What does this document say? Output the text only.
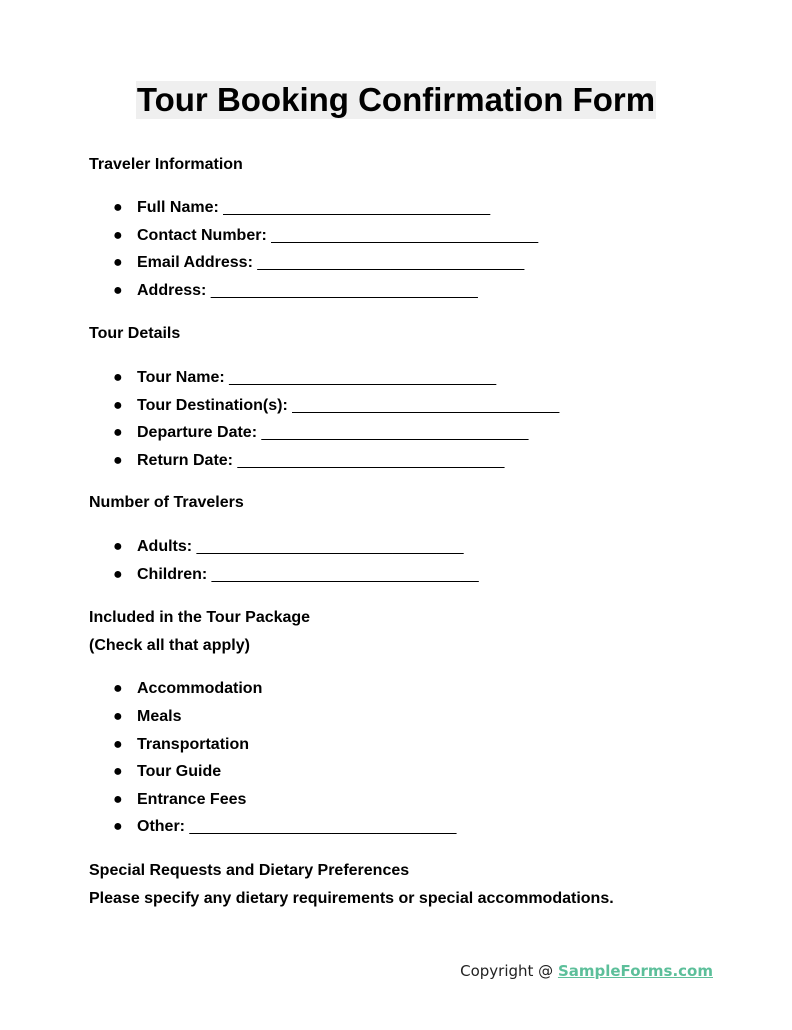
Tour Booking Confirmation Form
Traveler Information
● Full Name: ______________________________
● Contact Number: ______________________________
● Email Address: ______________________________
● Address: ______________________________
Tour Details
● Tour Name: ______________________________
● Tour Destination(s): ______________________________
● Departure Date: ______________________________
● Return Date: ______________________________
Number of Travelers
● Adults: ______________________________
● Children: ______________________________
Included in the Tour Package
(Check all that apply)
● Accommodation
● Meals
● Transportation
● Tour Guide
● Entrance Fees
● Other: ______________________________
Special Requests and Dietary Preferences
Please specify any dietary requirements or special accommodations.
Copyright @ SampleForms.com
